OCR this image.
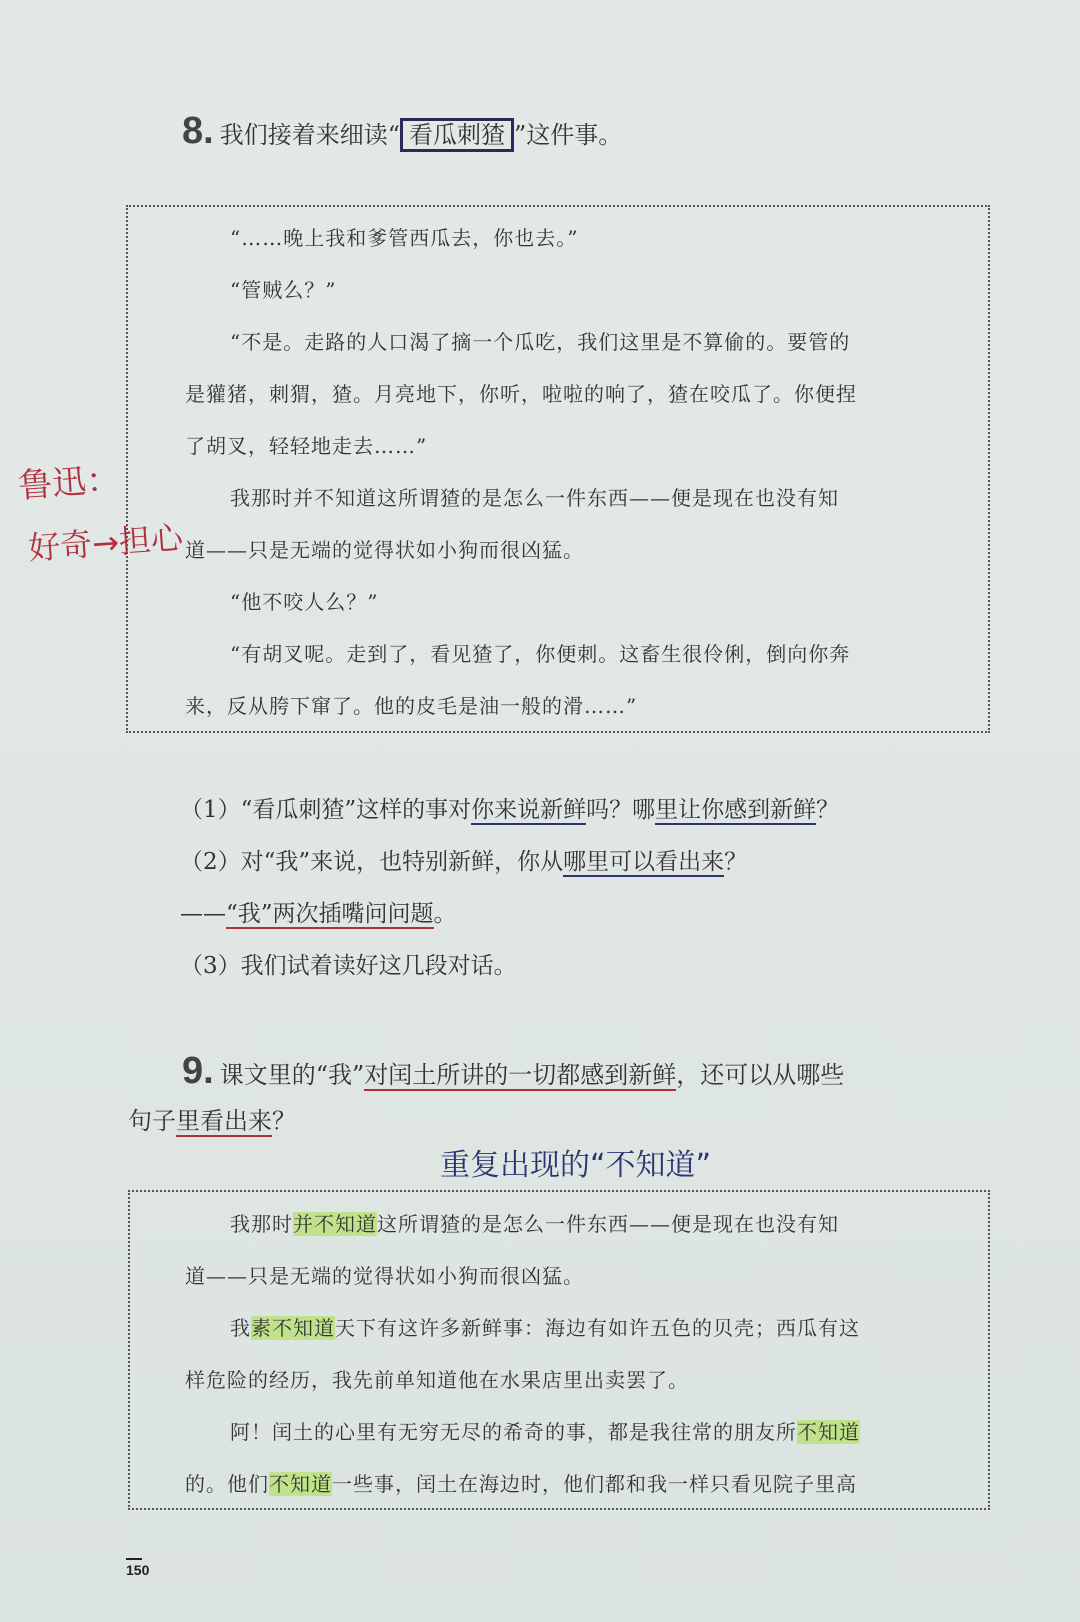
8. 我们接着来细读“ 看瓜刺猹 ”这件事。
“……晚上我和爹管西瓜去，你也去。”
“管贼么？”
“不是。走路的人口渴了摘一个瓜吃，我们这里是不算偷的。要管的
是獾猪，刺猬，猹。月亮地下，你听，啦啦的响了，猹在咬瓜了。你便捏
了胡叉，轻轻地走去……”
我那时并不知道这所谓猹的是怎么一件东西——便是现在也没有知
道——只是无端的觉得状如小狗而很凶猛。
“他不咬人么？”
“有胡叉呢。走到了，看见猹了，你便刺。这畜生很伶俐，倒向你奔
来，反从胯下窜了。他的皮毛是油一般的滑……”
鲁迅：
好奇→担心
（1）“看瓜刺猹”这样的事对你来说新鲜吗？哪里让你感到新鲜？
（2）对“我”来说，也特别新鲜，你从哪里可以看出来？
——“我”两次插嘴问问题。
（3）我们试着读好这几段对话。
9. 课文里的“我”对闰土所讲的一切都感到新鲜，还可以从哪些
句子里看出来？
重复出现的“不知道”
我那时并不知道这所谓猹的是怎么一件东西——便是现在也没有知
道——只是无端的觉得状如小狗而很凶猛。
我素不知道天下有这许多新鲜事：海边有如许五色的贝壳；西瓜有这
样危险的经历，我先前单知道他在水果店里出卖罢了。
阿！闰土的心里有无穷无尽的希奇的事，都是我往常的朋友所不知道
的。他们不知道一些事，闰土在海边时，他们都和我一样只看见院子里高
150
